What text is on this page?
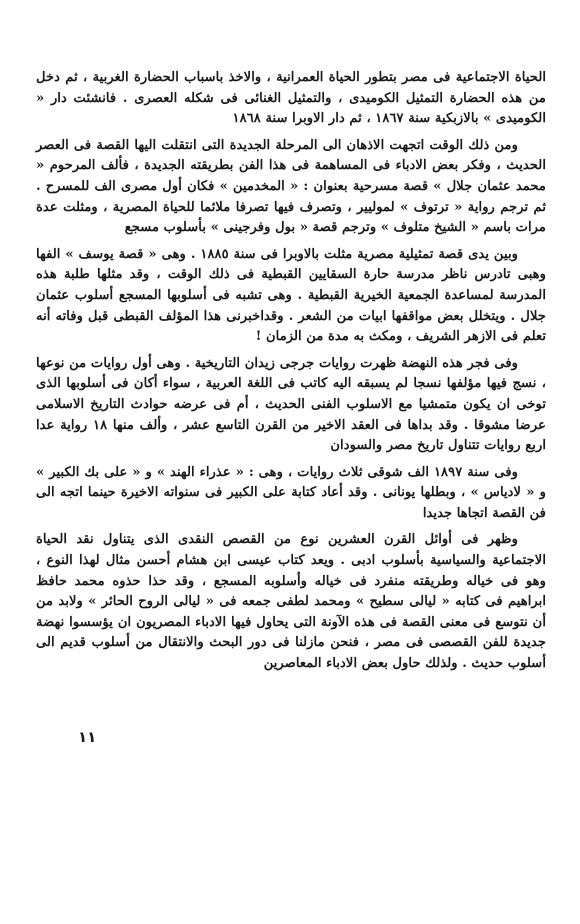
الحياة الاجتماعية فى مصر بتطور الحياة العمرانية ، والاخذ باسباب الحضارة الغربية ، ثم دخل من هذه الحضارة التمثيل الكوميدى ، والتمثيل الغنائى فى شكله العصرى . فانشئت دار « الكوميدى » بالازبكية سنة ١٨٦٧ ، ثم دار الاوبرا سنة ١٨٦٨

ومن ذلك الوقت اتجهت الاذهان الى المرحلة الجديدة التى انتقلت اليها القصة فى العصر الحديث ، وفكر بعض الادباء فى المساهمة فى هذا الفن بطريقته الجديدة ، فألف المرحوم « محمد عثمان جلال » قصة مسرحية بعنوان : « المخدمين » فكان أول مصرى الف للمسرح . ثم ترجم رواية « ترتوف » لموليير ، وتصرف فيها تصرفا ملائما للحياة المصرية ، ومثلت عدة مرات باسم « الشيخ متلوف » وترجم قصة « بول وفرجينى » بأسلوب مسجع

وبين يدى قصة تمثيلية مصرية مثلت بالاوبرا فى سنة ١٨٨٥ . وهى « قصة يوسف » الفها وهبى تادرس ناظر مدرسة حارة السقايين القبطية فى ذلك الوقت ، وقد مثلها طلبة هذه المدرسة لمساعدة الجمعية الخيرية القبطية . وهى تشبه فى أسلوبها المسجع أسلوب عثمان جلال . ويتخلل بعض مواقفها ابيات من الشعر . وقداخبرنى هذا المؤلف القبطى قبل وفاته أنه تعلم فى الازهر الشريف ، ومكث به مدة من الزمان !

وفى فجر هذه النهضة ظهرت روايات جرجى زيدان التاريخية . وهى أول روايات من نوعها ، نسج فيها مؤلفها نسجا لم يسبقه اليه كاتب فى اللغة العربية ، سواء أكان فى أسلوبها الذى توخى ان يكون متمشيا مع الاسلوب الفنى الحديث ، أم فى عرضه حوادث التاريخ الاسلامى عرضا مشوقا . وقد بداها فى العقد الاخير من القرن التاسع عشر ، وألف منها ١٨ رواية عدا اربع روايات تتناول تاريخ مصر والسودان

وفى سنة ١٨٩٧ الف شوقى ثلاث روايات ، وهى : « عذراء الهند » و « على بك الكبير » و « لادياس » ، وبطلها يونانى . وقد أعاد كتابة على الكبير فى سنواته الاخيرة حينما اتجه الى فن القصة اتجاها جديدا

وظهر فى أوائل القرن العشرين نوع من القصص النقدى الذى يتناول نقد الحياة الاجتماعية والسياسية بأسلوب ادبى . ويعد كتاب عيسى ابن هشام أحسن مثال لهذا النوع ، وهو فى خياله وطريقته منفرد فى خياله وأسلوبه المسجع ، وقد حذا حذوه محمد حافظ ابراهيم فى كتابه « ليالى سطيح » ومحمد لطفى جمعه فى « ليالى الروح الحائر » ولابد من أن نتوسع فى معنى القصة فى هذه الآونة التى يحاول فيها الادباء المصريون ان يؤسسوا نهضة جديدة للفن القصصى فى مصر ، فنحن مازلنا فى دور البحث والانتقال من أسلوب قديم الى أسلوب حديث . ولذلك حاول بعض الادباء المعاصرين

١١
